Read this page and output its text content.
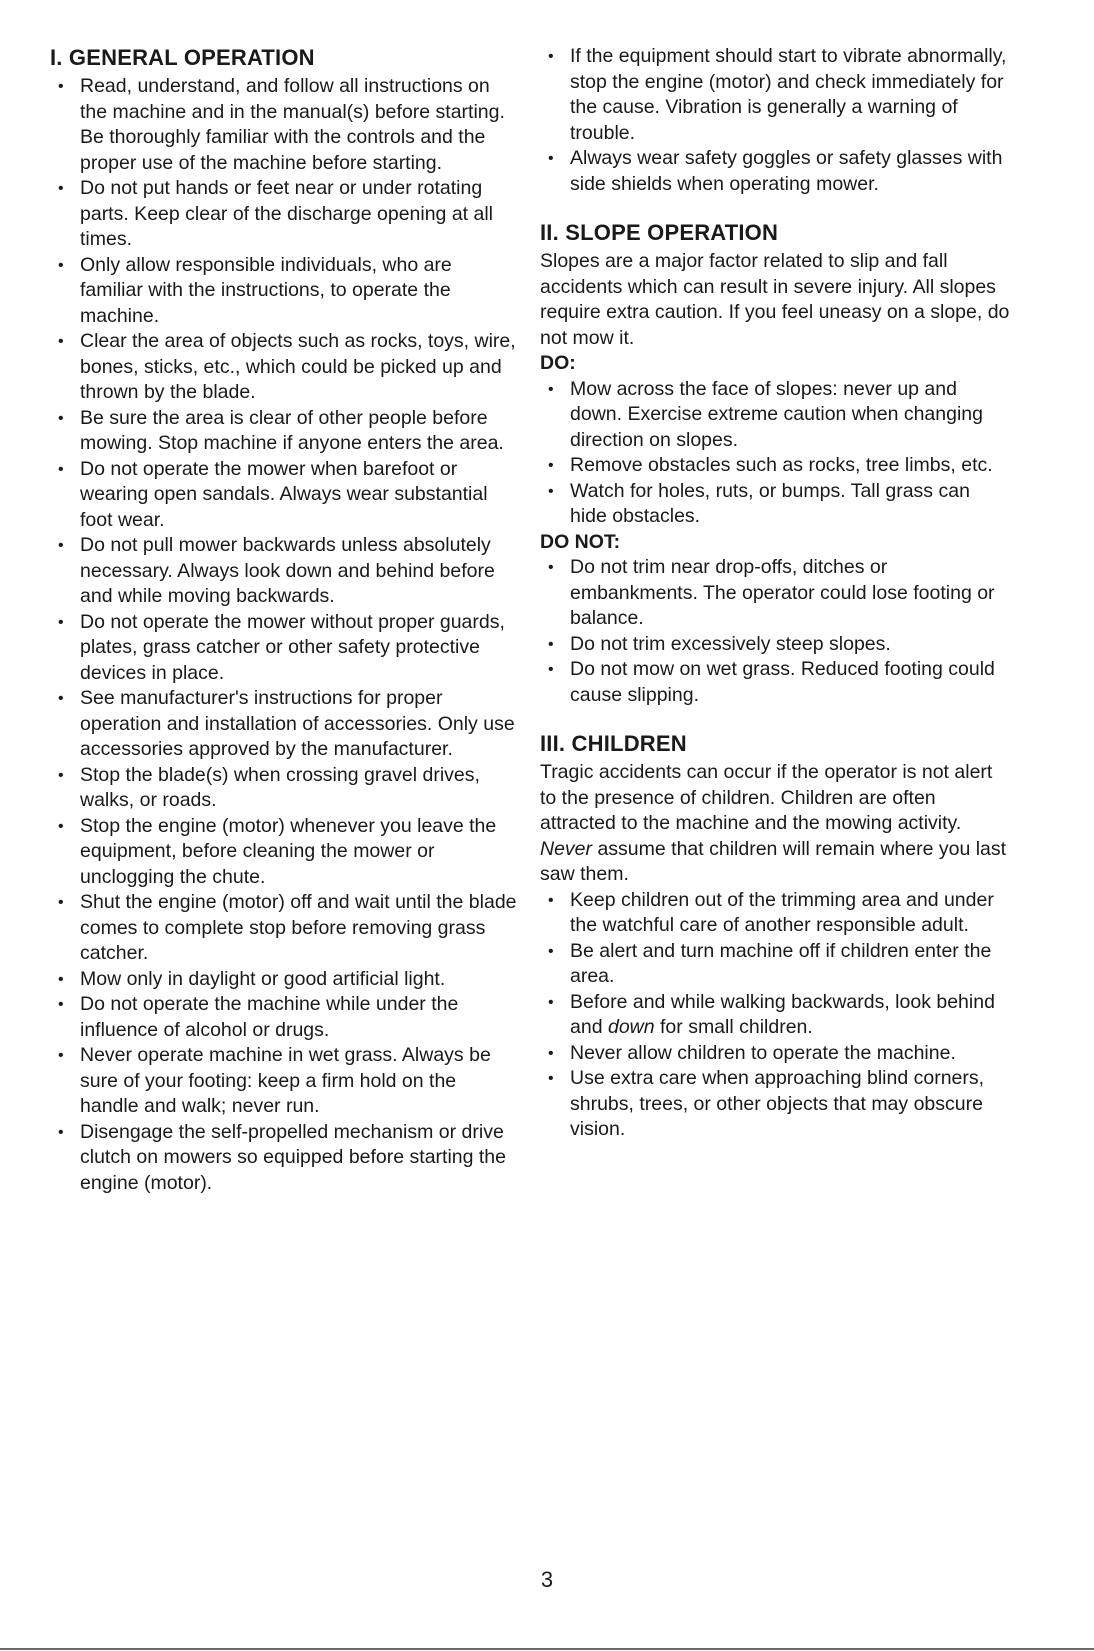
I. GENERAL OPERATION
• Read, understand, and follow all instructions on the machine and in the manual(s) before starting. Be thoroughly familiar with the controls and the proper use of the machine before starting.
• Do not put hands or feet near or under rotating parts. Keep clear of the discharge opening at all times.
• Only allow responsible individuals, who are familiar with the instructions, to operate the machine.
• Clear the area of objects such as rocks, toys, wire, bones, sticks, etc., which could be picked up and thrown by the blade.
• Be sure the area is clear of other people before mowing. Stop machine if anyone enters the area.
• Do not operate the mower when barefoot or wearing open sandals. Always wear substantial foot wear.
• Do not pull mower backwards unless absolutely necessary. Always look down and behind before and while moving backwards.
• Do not operate the mower without proper guards, plates, grass catcher or other safety protective devices in place.
• See manufacturer's instructions for proper operation and installation of accessories. Only use accessories approved by the manufacturer.
• Stop the blade(s) when crossing gravel drives, walks, or roads.
• Stop the engine (motor) whenever you leave the equipment, before cleaning the mower or unclogging the chute.
• Shut the engine (motor) off and wait until the blade comes to complete stop before removing grass catcher.
• Mow only in daylight or good artificial light.
• Do not operate the machine while under the influence of alcohol or drugs.
• Never operate machine in wet grass. Always be sure of your footing: keep a firm hold on the handle and walk; never run.
• Disengage the self-propelled mechanism or drive clutch on mowers so equipped before starting the engine (motor).
• If the equipment should start to vibrate abnormally, stop the engine (motor) and check immediately for the cause. Vibration is generally a warning of trouble.
• Always wear safety goggles or safety glasses with side shields when operating mower.
II. SLOPE OPERATION

Slopes are a major factor related to slip and fall accidents which can result in severe injury. All slopes require extra caution. If you feel uneasy on a slope, do not mow it.

DO:
• Mow across the face of slopes: never up and down. Exercise extreme caution when changing direction on slopes.
• Remove obstacles such as rocks, tree limbs, etc.
• Watch for holes, ruts, or bumps. Tall grass can hide obstacles.
DO NOT:
• Do not trim near drop-offs, ditches or embankments. The operator could lose footing or balance.
• Do not trim excessively steep slopes.
• Do not mow on wet grass. Reduced footing could cause slipping.
III. CHILDREN

Tragic accidents can occur if the operator is not alert to the presence of children. Children are often attracted to the machine and the mowing activity. Never assume that children will remain where you last saw them.

• Keep children out of the trimming area and under the watchful care of another responsible adult.
• Be alert and turn machine off if children enter the area.
• Before and while walking backwards, look behind and down for small children.
• Never allow children to operate the machine.
• Use extra care when approaching blind corners, shrubs, trees, or other objects that may obscure vision.
3
